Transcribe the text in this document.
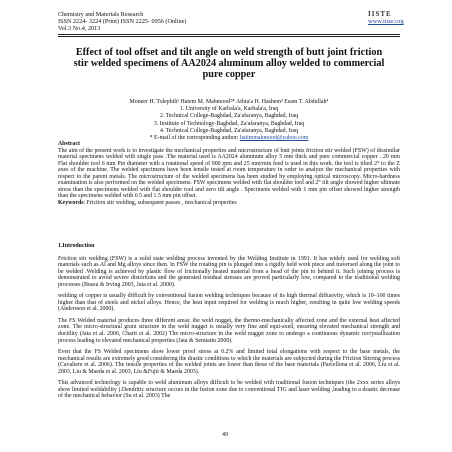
Chemistry and Materials Research
ISSN 2224- 3224 (Print) ISSN 2225- 0956 (Online)
Vol.3 No.4, 2013
IISTE
www.iiste.org
Effect of tool offset and tilt angle on weld strength of butt joint friction stir welded specimens of AA2024 aluminum alloy welded to commercial pure copper
Moneer H. Tolephih¹ Hatem M. Mahmood²* Athra'a H. Hashem³ Esam T. Abdullah⁴
1. University of Karbala'a, Karbala'a, Iraq
2. Technical College-Baghdad, Za'afaranya, Baghdad, Iraq
3. Institute of Technology-Baghdad, Za'afaranya, Baghdad, Iraq
4. Technical College-Baghdad, Za'afaranya, Baghdad, Iraq
* E-mail of the corresponding author: hatimmahmood@yahoo.com
Abstract
The aim of the present work is to investigate the mechanical properties and microstructure of butt joints friction stir welded (FSW) of dissimilar material specimens welded with single pass .The material used is AA2024 aluminum alloy 5 mm thick and pure commercial copper . 20 mm Flat shoulder tool 6 mm Pin diameter with a rotational speed of 900 rpm and 25 mm/min feed is used in this work. the tool is tilted 2° to the Z axes of the machine. The welded specimens have been tensile tested at room temperature in order to analyze the mechanical properties with respect to the parent metals. The microstructure of the welded specimens has been studied by employing optical microscopy. Micro-hardness examination is also performed on the welded specimens. FSW specimens welded with flat shoulder tool and 2° tilt angle showed higher ultimate stress than the specimens welded with flat shoulder tool and zero tilt angle . Specimens welded with 1 mm pin offset showed higher strength than the specimens welded with 0.5 and 1.5 mm pin offset.
Keywords: Friction stir welding, subsequent passes , mechanical properties
1.Introduction
Friction stir welding (FSW) is a solid state welding process invented by the Welding Institute in 1991. It has widely used for welding soft materials such as Al and Mg alloys since then. In FSW the rotating pin is plunged into a rigidly held work piece and traversed along the joint to be welded .Welding is achieved by plastic flow of frictionally heated material from a head of the pin to behind it. Such joining process is demonstrated to avoid severe distortions and the generated residual stresses are proved particularly low, compared to the traditional welding processes (Bussu & Irving 2003, Jata et al. 2000).
welding of copper is usually difficult by conventional fusion welding techniques because of its high thermal diffusivity, which is 10–100 times higher than that of steels and nickel alloys. Hence, the heat input required for welding is much higher, resulting in quite low welding speeds (Andersson et al. 2000).
The FS Welded material produces three different areas: the weld nugget, the thermo-mechanically affected zone and the external heat affected zone. The micro-structural grain structure in the weld nugget is usually very fine and equi-axed, ensuring elevated mechanical strength and ductility (Jata et al. 2000, Charit et al. 2002) The micro-structure in the weld nugget zone to undergo a continuous dynamic recrystallization process leading to elevated mechanical properties (Jata & Semiatin 2000).
Even that the FS Welded specimens show lower proof stress at 0.2% and limited total elongations with respect to the base metals, the mechanical results are extremely good considering the drastic conditions to which the materials are subjected during the Friction Stirring process (Cavaliere et al. 2006). The tensile properties of the welded joints are lower than those of the base materials (Parcellona et al. 2006, Liu et al. 2003, Liu & Maeda et al. 2003, Liu &Fujii & Maeda 2003).
This advanced technology is capable to weld aluminum alloys difficult to be welded with traditional fusion techniques (the 2xxx series alloys show limited weldability ).Dendritic structure occurs in the fusion zone due to conventional TIG and laser welding ,leading to a drastic decrease of the mechanical behavior (Su et al. 2003) The
49
